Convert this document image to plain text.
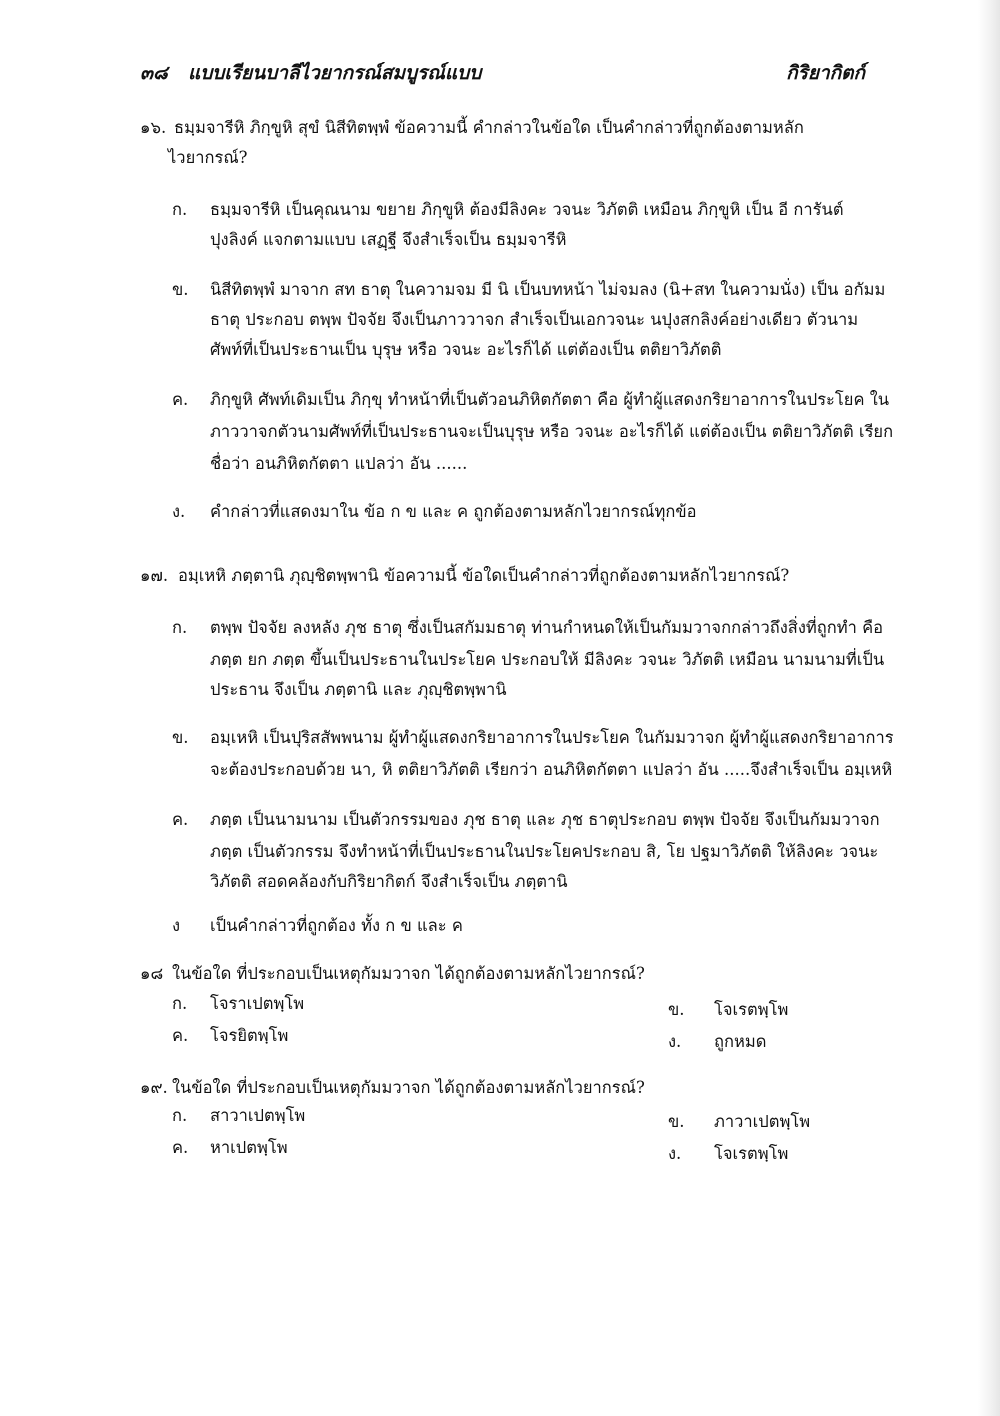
๓๘ แบบเรียนบาลีไวยากรณ์สมบูรณ์แบบ	กิริยากิตก์
๑๖. ธมฺมจารีหิ ภิกฺขูหิ สุขํ นิสีทิตพฺพํ ข้อความนี้ คำกล่าวในข้อใด เป็นคำกล่าวที่ถูกต้องตามหลัก
ไวยากรณ์?
ก. ธมฺมจารีหิ เป็นคุณนาม ขยาย ภิกฺขูหิ ต้องมีลิงคะ วจนะ วิภัตติ เหมือน ภิกฺขูหิ เป็น อี การันต์
ปุงลิงค์ แจกตามแบบ เสฏฺฐี จึงสำเร็จเป็น ธมฺมจารีหิ
ข. นิสีทิตพฺพํ มาจาก สท ธาตุ ในความจม มี นิ เป็นบทหน้า ไม่จมลง (นิ+สท ในความนั่ง) เป็น อกัมม
ธาตุ ประกอบ ตพฺพ ปัจจัย จึงเป็นภาววาจก สำเร็จเป็นเอกวจนะ นปุงสกลิงค์อย่างเดียว ตัวนาม
ศัพท์ที่เป็นประธานเป็น บุรุษ หรือ วจนะ อะไรก็ได้ แต่ต้องเป็น ตติยาวิภัตติ
ค. ภิกฺขูหิ ศัพท์เดิมเป็น ภิกฺขุ ทำหน้าที่เป็นตัวอนภิหิตกัตตา คือ ผู้ทำผู้แสดงกริยาอาการในประโยค ใน
ภาววาจกตัวนามศัพท์ที่เป็นประธานจะเป็นบุรุษ หรือ วจนะ อะไรก็ได้ แต่ต้องเป็น ตติยาวิภัตติ เรียก
ชื่อว่า อนภิหิตกัตตา แปลว่า อัน ......
ง. คำกล่าวที่แสดงมาใน ข้อ ก ข และ ค ถูกต้องตามหลักไวยากรณ์ทุกข้อ
๑๗. อมฺเหหิ ภตฺตานิ ภุญฺชิตพฺพานิ ข้อความนี้ ข้อใดเป็นคำกล่าวที่ถูกต้องตามหลักไวยากรณ์?
ก. ตพฺพ ปัจจัย ลงหลัง ภุช ธาตุ ซึ่งเป็นสกัมมธาตุ ท่านกำหนดให้เป็นกัมมวาจกกล่าวถึงสิ่งที่ถูกทำ คือ
ภตฺต ยก ภตฺต ขึ้นเป็นประธานในประโยค ประกอบให้ มีลิงคะ วจนะ วิภัตติ เหมือน นามนามที่เป็น
ประธาน จึงเป็น ภตฺตานิ และ ภุญฺชิตพฺพานิ
ข. อมฺเหหิ เป็นปุริสสัพพนาม ผู้ทำผู้แสดงกริยาอาการในประโยค ในกัมมวาจก ผู้ทำผู้แสดงกริยาอาการ
จะต้องประกอบด้วย นา, หิ ตติยาวิภัตติ เรียกว่า อนภิหิตกัตตา แปลว่า อัน .....จึงสำเร็จเป็น อมฺเหหิ
ค. ภตฺต เป็นนามนาม เป็นตัวกรรมของ ภุช ธาตุ และ ภุช ธาตุประกอบ ตพฺพ ปัจจัย จึงเป็นกัมมวาจก
ภตฺต เป็นตัวกรรม จึงทำหน้าที่เป็นประธานในประโยคประกอบ สิ, โย ปฐมาวิภัตติ ให้ลิงคะ วจนะ
วิภัตติ สอดคล้องกับกิริยากิตก์ จึงสำเร็จเป็น ภตฺตานิ
ง เป็นคำกล่าวที่ถูกต้อง ทั้ง ก ข และ ค
๑๘ ในข้อใด ที่ประกอบเป็นเหตุกัมมวาจก ได้ถูกต้องตามหลักไวยากรณ์?
ก. โจราเปตพฺโพ	ข. โจเรตพฺโพ
ค. โจรยิตพฺโพ	ง. ถูกหมด
๑๙. ในข้อใด ที่ประกอบเป็นเหตุกัมมวาจก ได้ถูกต้องตามหลักไวยากรณ์?
ก. สาวาเปตพฺโพ	ข. ภาวาเปตพฺโพ
ค. หาเปตพฺโพ	ง. โจเรตพฺโพ
